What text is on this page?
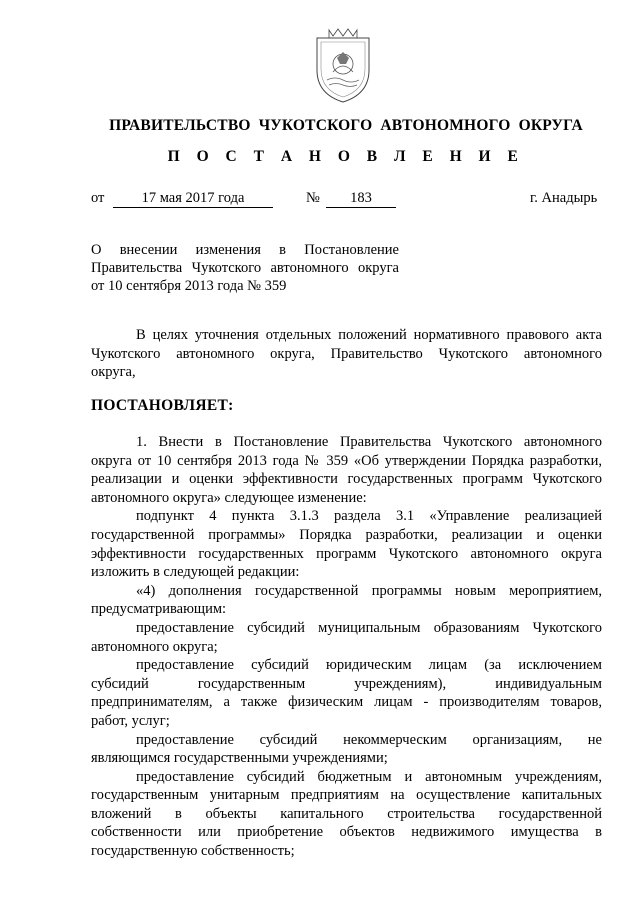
ПРАВИТЕЛЬСТВО ЧУКОТСКОГО АВТОНОМНОГО ОКРУГА
П О С Т А Н О В Л Е Н И Е
от	17 мая 2017 года	№	183	г. Анадырь
О внесении изменения в Постановление
Правительства Чукотского автономного округа
от 10 сентября 2013 года № 359
В целях уточнения отдельных положений нормативного правового акта
Чукотского автономного округа, Правительство Чукотского автономного
округа,
ПОСТАНОВЛЯЕТ:
1. Внести в Постановление Правительства Чукотского автономного
округа от 10 сентября 2013 года № 359 «Об утверждении Порядка разработки,
реализации и оценки эффективности государственных программ Чукотского
автономного округа» следующее изменение:
подпункт 4 пункта 3.1.3 раздела 3.1 «Управление реализацией
государственной программы» Порядка разработки, реализации и оценки
эффективности государственных программ Чукотского автономного округа
изложить в следующей редакции:
«4) дополнения государственной программы новым мероприятием,
предусматривающим:
предоставление субсидий муниципальным образованиям Чукотского
автономного округа;
предоставление субсидий юридическим лицам (за исключением
субсидий государственным учреждениям), индивидуальным
предпринимателям, а также физическим лицам - производителям товаров,
работ, услуг;
предоставление субсидий некоммерческим организациям, не
являющимся государственными учреждениями;
предоставление субсидий бюджетным и автономным учреждениям,
государственным унитарным предприятиям на осуществление капитальных
вложений в объекты капитального строительства государственной
собственности или приобретение объектов недвижимого имущества в
государственную собственность;
